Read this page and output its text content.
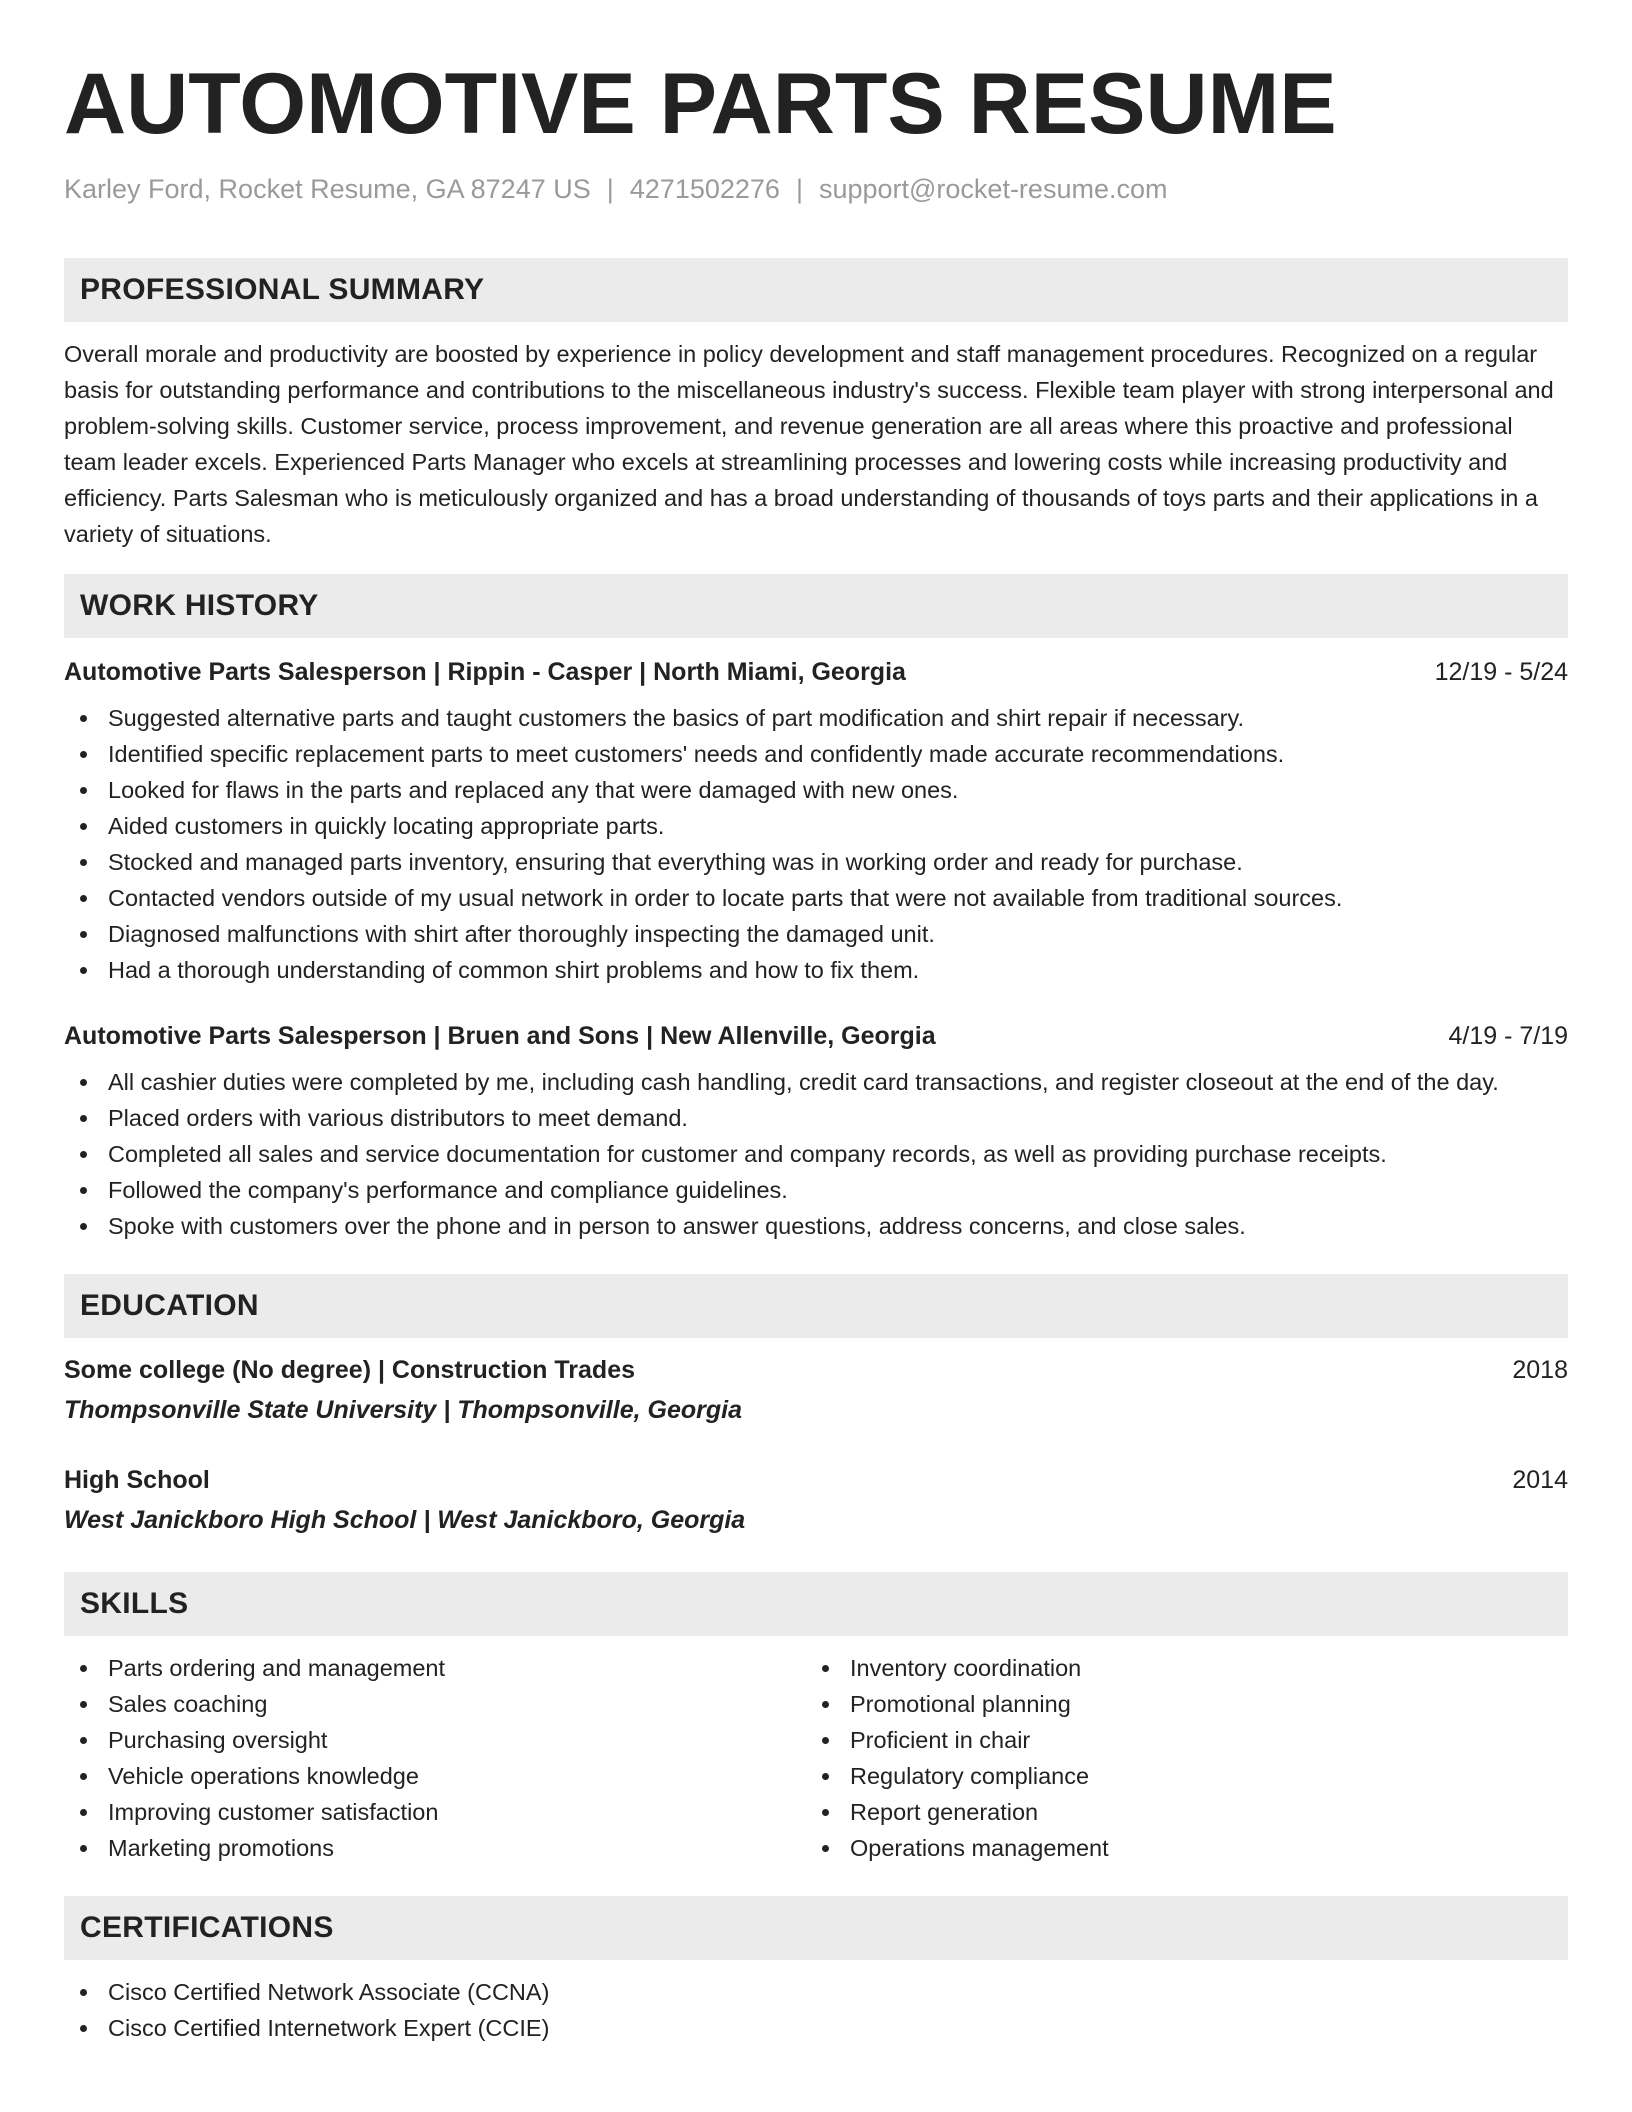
AUTOMOTIVE PARTS RESUME
Karley Ford, Rocket Resume, GA 87247 US | 4271502276 | support@rocket-resume.com
PROFESSIONAL SUMMARY

Overall morale and productivity are boosted by experience in policy development and staff management procedures. Recognized on a regular basis for outstanding performance and contributions to the miscellaneous industry's success. Flexible team player with strong interpersonal and problem-solving skills. Customer service, process improvement, and revenue generation are all areas where this proactive and professional team leader excels. Experienced Parts Manager who excels at streamlining processes and lowering costs while increasing productivity and efficiency. Parts Salesman who is meticulously organized and has a broad understanding of thousands of toys parts and their applications in a variety of situations.

WORK HISTORY
Automotive Parts Salesperson | Rippin - Casper | North Miami, Georgia	12/19 - 5/24
Suggested alternative parts and taught customers the basics of part modification and shirt repair if necessary.
Identified specific replacement parts to meet customers' needs and confidently made accurate recommendations.
Looked for flaws in the parts and replaced any that were damaged with new ones.
Aided customers in quickly locating appropriate parts.
Stocked and managed parts inventory, ensuring that everything was in working order and ready for purchase.
Contacted vendors outside of my usual network in order to locate parts that were not available from traditional sources.
Diagnosed malfunctions with shirt after thoroughly inspecting the damaged unit.
Had a thorough understanding of common shirt problems and how to fix them.
Automotive Parts Salesperson | Bruen and Sons | New Allenville, Georgia	4/19 - 7/19
All cashier duties were completed by me, including cash handling, credit card transactions, and register closeout at the end of the day.
Placed orders with various distributors to meet demand.
Completed all sales and service documentation for customer and company records, as well as providing purchase receipts.
Followed the company's performance and compliance guidelines.
Spoke with customers over the phone and in person to answer questions, address concerns, and close sales.
EDUCATION
Some college (No degree) | Construction Trades	2018
Thompsonville State University | Thompsonville, Georgia
High School	2014
West Janickboro High School | West Janickboro, Georgia
SKILLS
Parts ordering and management
Sales coaching
Purchasing oversight
Vehicle operations knowledge
Improving customer satisfaction
Marketing promotions
Inventory coordination
Promotional planning
Proficient in chair
Regulatory compliance
Report generation
Operations management
CERTIFICATIONS
Cisco Certified Network Associate (CCNA)
Cisco Certified Internetwork Expert (CCIE)
